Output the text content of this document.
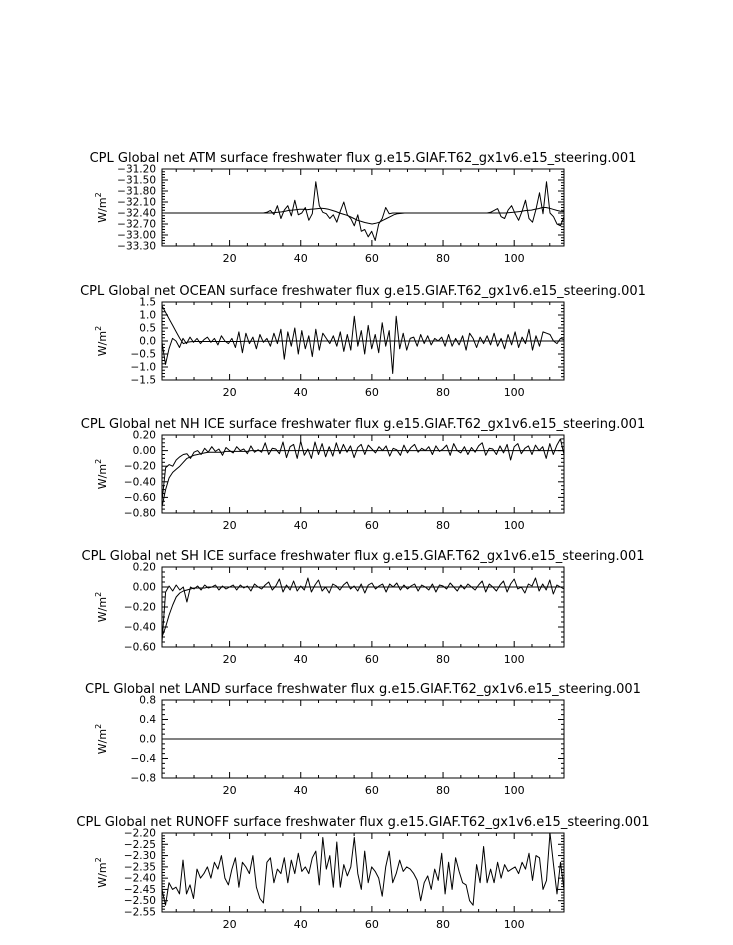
CPL Global net ATM surface freshwater flux g.e15.GIAF.T62_gx1v6.e15_steering.001
−31.20
−31.50
−31.80
−32.10
−32.40
−32.70
−33.00
−33.30
20	40	60	80	100
$W/m^2$
CPL Global net OCEAN surface freshwater flux g.e15.GIAF.T62_gx1v6.e15_steering.001
1.5
1.0
0.5
0.0
−0.5
−1.0
−1.5
20	40	60	80	100
$W/m^2$
CPL Global net NH ICE surface freshwater flux g.e15.GIAF.T62_gx1v6.e15_steering.001
0.20
0.00
−0.20
−0.40
−0.60
−0.80
20	40	60	80	100
$W/m^2$
CPL Global net SH ICE surface freshwater flux g.e15.GIAF.T62_gx1v6.e15_steering.001
0.20
0.00
−0.20
−0.40
−0.60
20	40	60	80	100
$W/m^2$
CPL Global net LAND surface freshwater flux g.e15.GIAF.T62_gx1v6.e15_steering.001
0.8
0.4
0.0
−0.4
−0.8
20	40	60	80	100
$W/m^2$
CPL Global net RUNOFF surface freshwater flux g.e15.GIAF.T62_gx1v6.e15_steering.001
−2.20
−2.25
−2.30
−2.35
−2.40
−2.45
−2.50
−2.55
20	40	60	80	100
$W/m^2$
